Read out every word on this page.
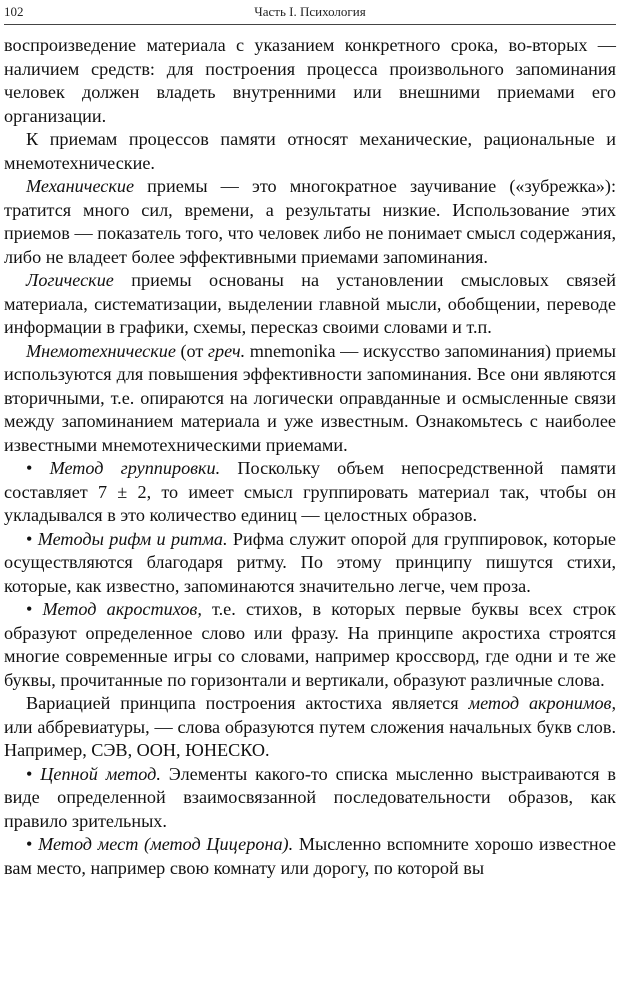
102	Часть I. Психология

воспроизведение материала с указанием конкретного срока, во-вторых — наличием средств: для построения процесса произвольного запоминания человек должен владеть внутренними или внешними приемами его организации.

К приемам процессов памяти относят механические, рациональные и мнемотехнические.

Механические приемы — это многократное заучивание («зубрежка»): тратится много сил, времени, а результаты низкие. Использование этих приемов — показатель того, что человек либо не понимает смысл содержания, либо не владеет более эффективными приемами запоминания.

Логические приемы основаны на установлении смысловых связей материала, систематизации, выделении главной мысли, обобщении, переводе информации в графики, схемы, пересказ своими словами и т.п.

Мнемотехнические (от греч. mnemonika — искусство запоминания) приемы используются для повышения эффективности запоминания. Все они являются вторичными, т.е. опираются на логически оправданные и осмысленные связи между запоминанием материала и уже известным. Ознакомьтесь с наиболее известными мнемотехническими приемами.

• Метод группировки. Поскольку объем непосредственной памяти составляет 7 ± 2, то имеет смысл группировать материал так, чтобы он укладывался в это количество единиц — целостных образов.

• Методы рифм и ритма. Рифма служит опорой для группировок, которые осуществляются благодаря ритму. По этому принципу пишутся стихи, которые, как известно, запоминаются значительно легче, чем проза.

• Метод акростихов, т.е. стихов, в которых первые буквы всех строк образуют определенное слово или фразу. На принципе акростиха строятся многие современные игры со словами, например кроссворд, где одни и те же буквы, прочитанные по горизонтали и вертикали, образуют различные слова.

Вариацией принципа построения актостиха является метод акронимов, или аббревиатуры, — слова образуются путем сложения начальных букв слов. Например, СЭВ, ООН, ЮНЕСКО.

• Цепной метод. Элементы какого-то списка мысленно выстраиваются в виде определенной взаимосвязанной последовательности образов, как правило зрительных.

• Метод мест (метод Цицерона). Мысленно вспомните хорошо известное вам место, например свою комнату или дорогу, по которой вы
